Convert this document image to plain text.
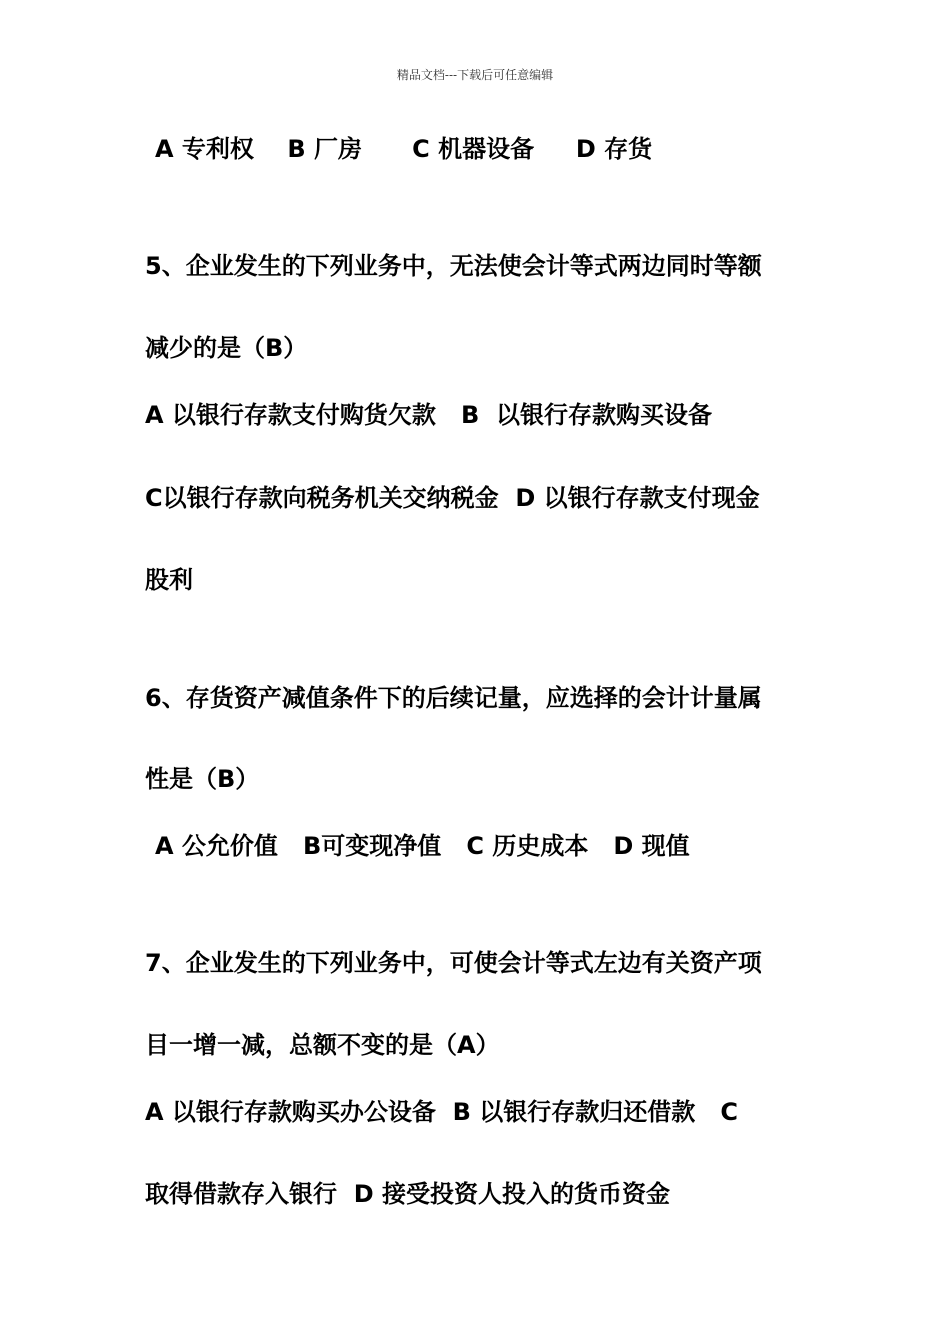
精品文档---下载后可任意编辑
A 专利权    B 厂房      C 机器设备     D 存货
5、企业发生的下列业务中，无法使会计等式两边同时等额
减少的是（B）
A 以银行存款支付购货欠款   B  以银行存款购买设备
C以银行存款向税务机关交纳税金  D 以银行存款支付现金
股利
6、存货资产减值条件下的后续记量，应选择的会计计量属
性是（B）
A 公允价值   B可变现净值   C 历史成本   D 现值
7、企业发生的下列业务中，可使会计等式左边有关资产项
目一增一减，总额不变的是（A）
A 以银行存款购买办公设备  B 以银行存款归还借款   C
取得借款存入银行  D 接受投资人投入的货币资金
